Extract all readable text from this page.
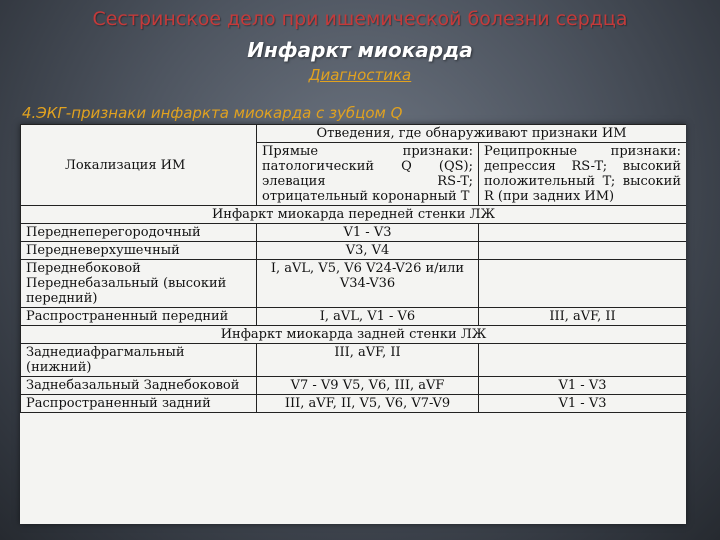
Сестринское дело при ишемической болезни сердца
Инфаркт миокарда
Диагностика
4.ЭКГ-признаки инфаркта миокарда с зубцом Q
Локализация ИМ	Отведения, где обнаруживают признаки ИМ	
	Прямые признаки: патологический Q (QS); элевация RS-T; отрицательный коронарный T	Реципрокные признаки: депрессия RS-T; высокий положительный T; высокий R (при задних ИМ)
Инфаркт миокарда передней стенки ЛЖ		
Переднеперегородочный	V1 - V3	
Передневерхушечный	V3, V4	
Переднебоковой Переднебазальный (высокий передний)	I, aVL, V5, V6 V24-V26 и/или V34-V36	
Распространенный передний	I, aVL, V1 - V6	III, aVF, II
Инфаркт миокарда задней стенки ЛЖ		
Заднедиафрагмальный (нижний)	III, aVF, II	
Заднебазальный Заднебоковой	V7 - V9 V5, V6, III, aVF	V1 - V3
Распространенный задний	III, aVF, II, V5, V6, V7-V9	V1 - V3
